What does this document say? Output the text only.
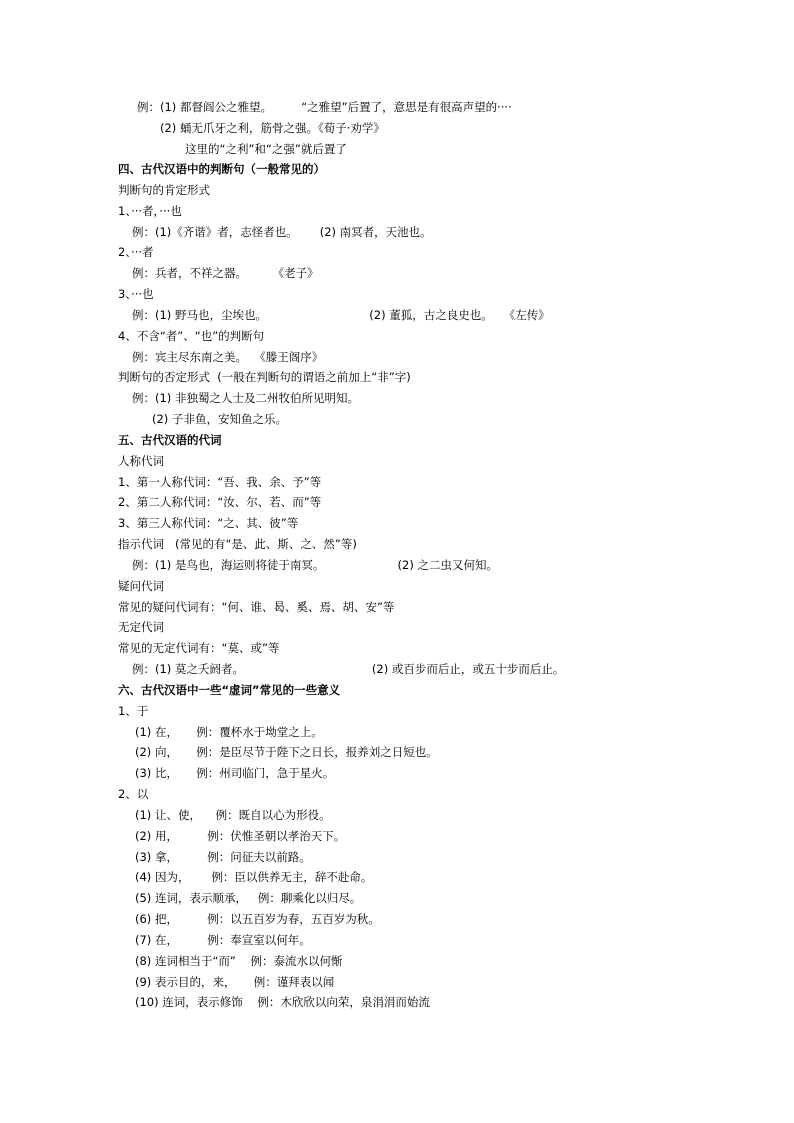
例：(1) 都督阎公之雅望。        “之雅望”后置了，意思是有很高声望的····
(2) 蛹无爪牙之利，筋骨之强。《荀子·劝学》
这里的“之利”和“之强”就后置了
四、古代汉语中的判断句（一般常见的）
判断句的肯定形式
1、···者，···也
例：(1)《齐谐》者，志怪者也。      (2) 南冥者，天池也。
2、···者
例：兵者，不祥之器。       《老子》
3、···也
例：(1) 野马也，尘埃也。                            (2) 董狐，古之良史也。   《左传》
4、不含“者”、“也”的判断句
例：宾主尽东南之美。  《滕王阁序》
判断句的否定形式  (一般在判断句的谓语之前加上“非”字)
例：(1) 非独蜀之人士及二州牧伯所见明知。
(2) 子非鱼，安知鱼之乐。
五、古代汉语的代词
人称代词
1、第一人称代词：“吾、我、余、予”等
2、第二人称代词：“汝、尔、若、而”等
3、第三人称代词：“之、其、彼”等
指示代词   (常见的有“是、此、斯、之、然”等)
例：(1) 是鸟也，海运则将徒于南冥。                    (2) 之二虫又何知。
疑问代词
常见的疑问代词有：“何、谁、曷、奚、焉、胡、安”等
无定代词
常见的无定代词有：“莫、或”等
例：(1) 莫之夭阏者。                                   (2) 或百步而后止，或五十步而后止。
六、古代汉语中一些“虚词”常见的一些意义
1、于
(1) 在，     例：覆杯水于坳堂之上。
(2) 向，     例：是臣尽节于陛下之日长，报养刘之日短也。
(3) 比，     例：州司临门，急于星火。
2、以
(1) 让、使，    例：既自以心为形役。
(2) 用，        例：伏惟圣朝以孝治天下。
(3) 拿，        例：问征夫以前路。
(4) 因为，      例：臣以供养无主，辞不赴命。
(5) 连词，表示顺承，   例：聊乘化以归尽。
(6) 把，        例：以五百岁为春，五百岁为秋。
(7) 在，        例：奉宣室以何年。
(8) 连词相当于“而”    例：泰流水以何惭
(9) 表示目的，来，     例：谨拜表以闻
(10) 连词，表示修饰    例：木欣欣以向荣，泉涓涓而始流
